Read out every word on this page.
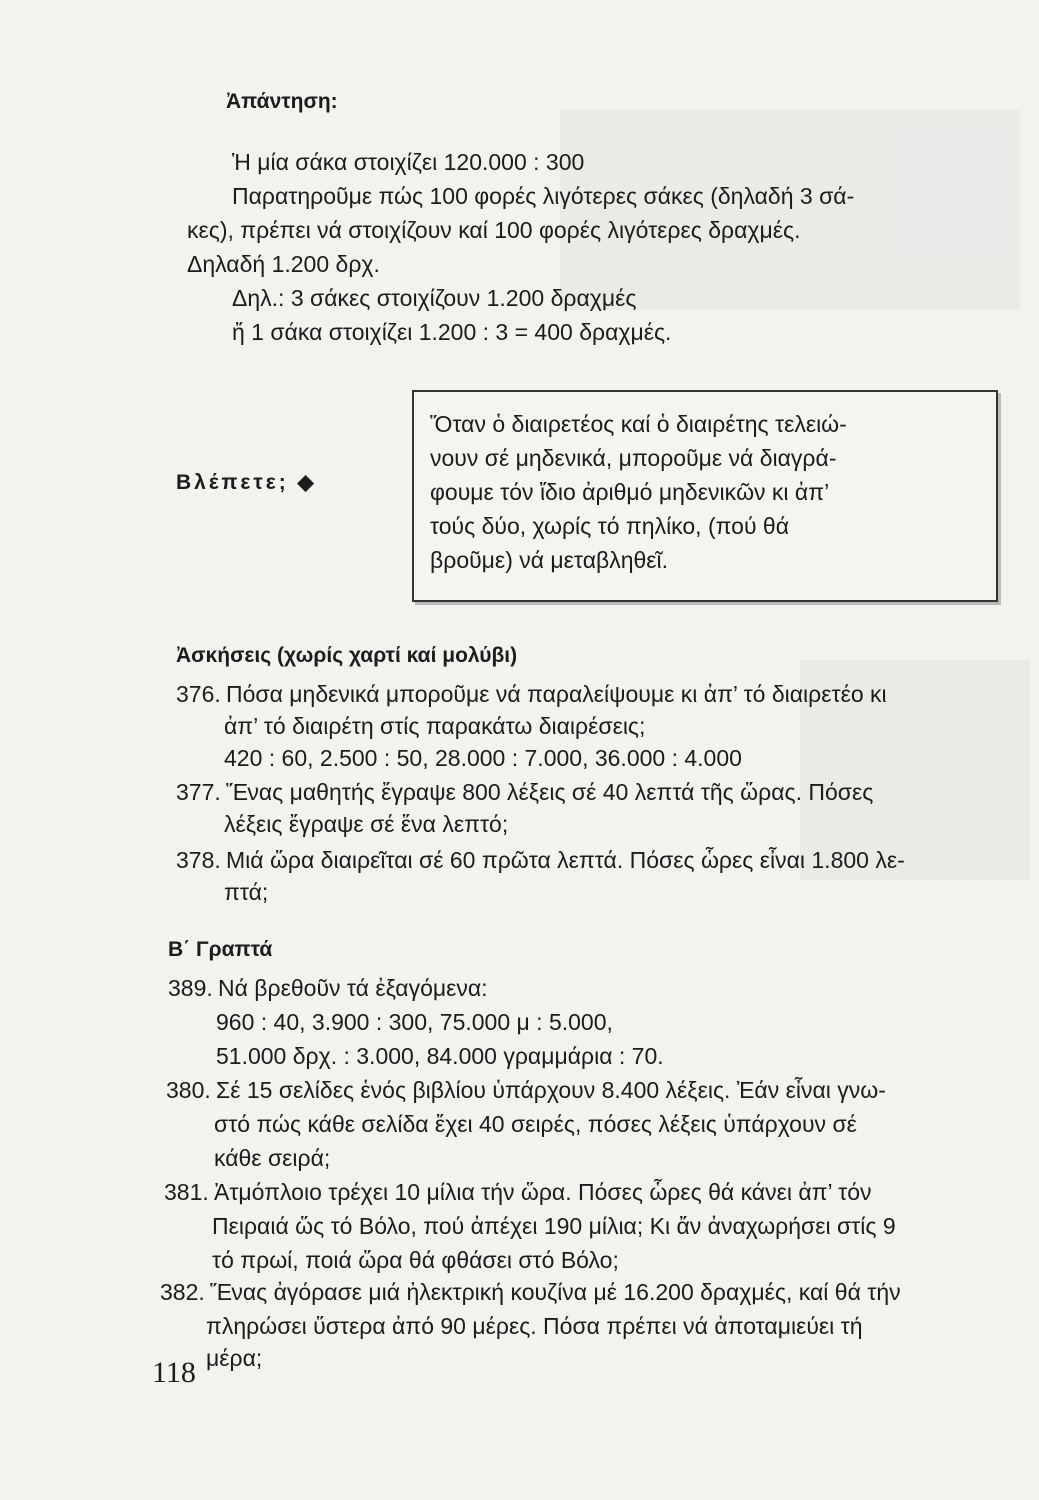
Ἀπάντηση:
Ἡ μία σάκα στοιχίζει 120.000 : 300
Παρατηροῦμε πώς 100 φορές λιγότερες σάκες (δηλαδή 3 σά-
κες), πρέπει νά στοιχίζουν καί 100 φορές λιγότερες δραχμές.
Δηλαδή 1.200 δρχ.
Δηλ.: 3 σάκες στοιχίζουν 1.200 δραχμές
ἤ 1 σάκα στοιχίζει 1.200 : 3 = 400 δραχμές.
Βλέπετε; ◆
Ὅταν ὁ διαιρετέος καί ὁ διαιρέτης τελειώ-
νουν σέ μηδενικά, μποροῦμε νά διαγρά-
φουμε τόν ἴδιο ἀριθμό μηδενικῶν κι ἀπ’
τούς δύο, χωρίς τό πηλίκο, (πού θά
βροῦμε) νά μεταβληθεῖ.
Ἀσκήσεις (χωρίς χαρτί καί μολύβι)
376. Πόσα μηδενικά μποροῦμε νά παραλείψουμε κι ἀπ’ τό διαιρετέο κι
ἀπ’ τό διαιρέτη στίς παρακάτω διαιρέσεις;
420 : 60, 2.500 : 50, 28.000 : 7.000, 36.000 : 4.000
377. Ἕνας μαθητής ἔγραψε 800 λέξεις σέ 40 λεπτά τῆς ὥρας. Πόσες
λέξεις ἔγραψε σέ ἕνα λεπτό;
378. Μιά ὥρα διαιρεῖται σέ 60 πρῶτα λεπτά. Πόσες ὧρες εἶναι 1.800 λε-
πτά;
Β΄ Γραπτά
389. Νά βρεθοῦν τά ἐξαγόμενα:
960 : 40, 3.900 : 300, 75.000 μ : 5.000,
51.000 δρχ. : 3.000, 84.000 γραμμάρια : 70.
380. Σέ 15 σελίδες ἑνός βιβλίου ὑπάρχουν 8.400 λέξεις. Ἐάν εἶναι γνω-
στό πώς κάθε σελίδα ἔχει 40 σειρές, πόσες λέξεις ὑπάρχουν σέ
κάθε σειρά;
381. Ἀτμόπλοιο τρέχει 10 μίλια τήν ὥρα. Πόσες ὧρες θά κάνει ἀπ’ τόν
Πειραιά ὥς τό Βόλο, πού ἀπέχει 190 μίλια; Κι ἄν ἀναχωρήσει στίς 9
τό πρωί, ποιά ὥρα θά φθάσει στό Βόλο;
382. Ἕνας ἀγόρασε μιά ἠλεκτρική κουζίνα μέ 16.200 δραχμές, καί θά τήν
πληρώσει ὕστερα ἀπό 90 μέρες. Πόσα πρέπει νά ἀποταμιεύει τή
μέρα;
118
